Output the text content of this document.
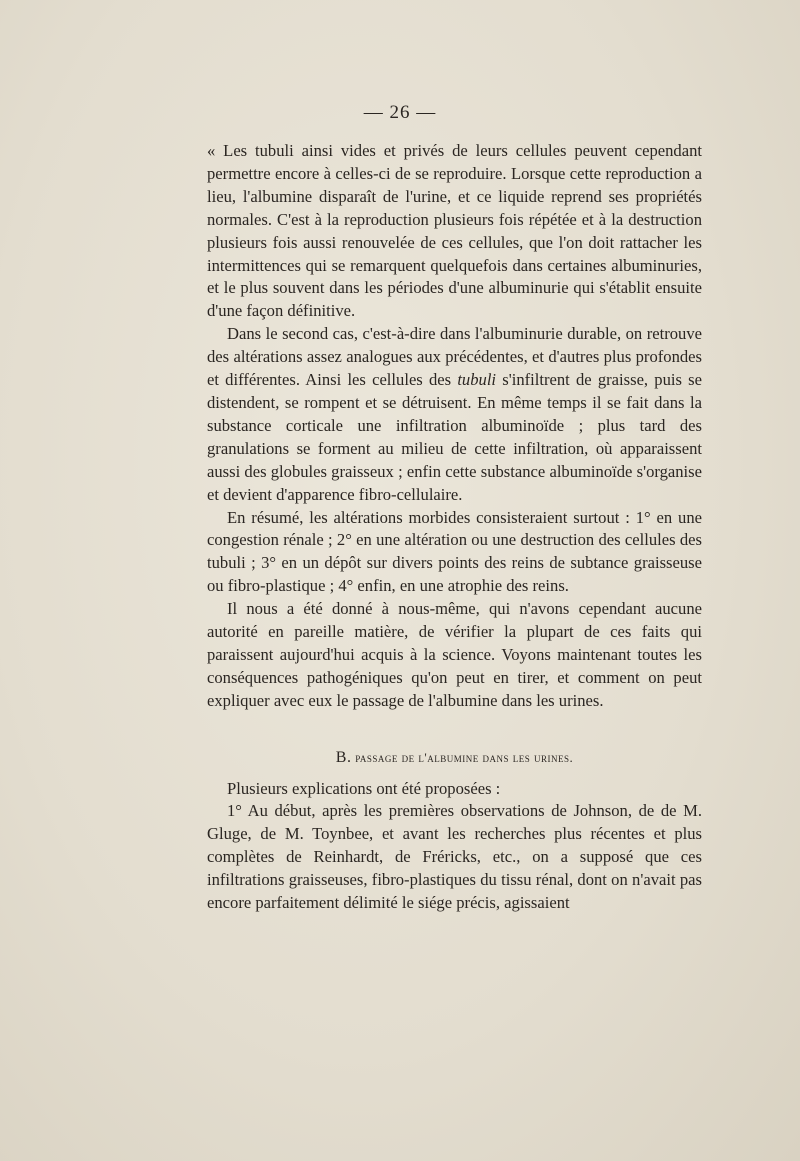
— 26 —

« Les tubuli ainsi vides et privés de leurs cellules peuvent cependant permettre encore à celles-ci de se reproduire. Lorsque cette reproduction a lieu, l'albumine disparaît de l'urine, et ce liquide reprend ses propriétés normales. C'est à la reproduction plusieurs fois répétée et à la destruction plusieurs fois aussi renouvelée de ces cellules, que l'on doit rattacher les intermittences qui se remarquent quelquefois dans certaines albuminuries, et le plus souvent dans les périodes d'une albuminurie qui s'établit ensuite d'une façon définitive.

Dans le second cas, c'est-à-dire dans l'albuminurie durable, on retrouve des altérations assez analogues aux précédentes, et d'autres plus profondes et différentes. Ainsi les cellules des tubuli s'infiltrent de graisse, puis se distendent, se rompent et se détruisent. En même temps il se fait dans la substance corticale une infiltration albuminoïde ; plus tard des granulations se forment au milieu de cette infiltration, où apparaissent aussi des globules graisseux ; enfin cette substance albuminoïde s'organise et devient d'apparence fibro-cellulaire.

En résumé, les altérations morbides consisteraient surtout : 1° en une congestion rénale ; 2° en une altération ou une destruction des cellules des tubuli ; 3° en un dépôt sur divers points des reins de subtance graisseuse ou fibro-plastique ; 4° enfin, en une atrophie des reins.

Il nous a été donné à nous-même, qui n'avons cependant aucune autorité en pareille matière, de vérifier la plupart de ces faits qui paraissent aujourd'hui acquis à la science. Voyons maintenant toutes les conséquences pathogéniques qu'on peut en tirer, et comment on peut expliquer avec eux le passage de l'albumine dans les urines.

B. passage de l'albumine dans les urines.

Plusieurs explications ont été proposées :

1° Au début, après les premières observations de Johnson, de de M. Gluge, de M. Toynbee, et avant les recherches plus récentes et plus complètes de Reinhardt, de Fréricks, etc., on a supposé que ces infiltrations graisseuses, fibro-plastiques du tissu rénal, dont on n'avait pas encore parfaitement délimité le siége précis, agissaient
